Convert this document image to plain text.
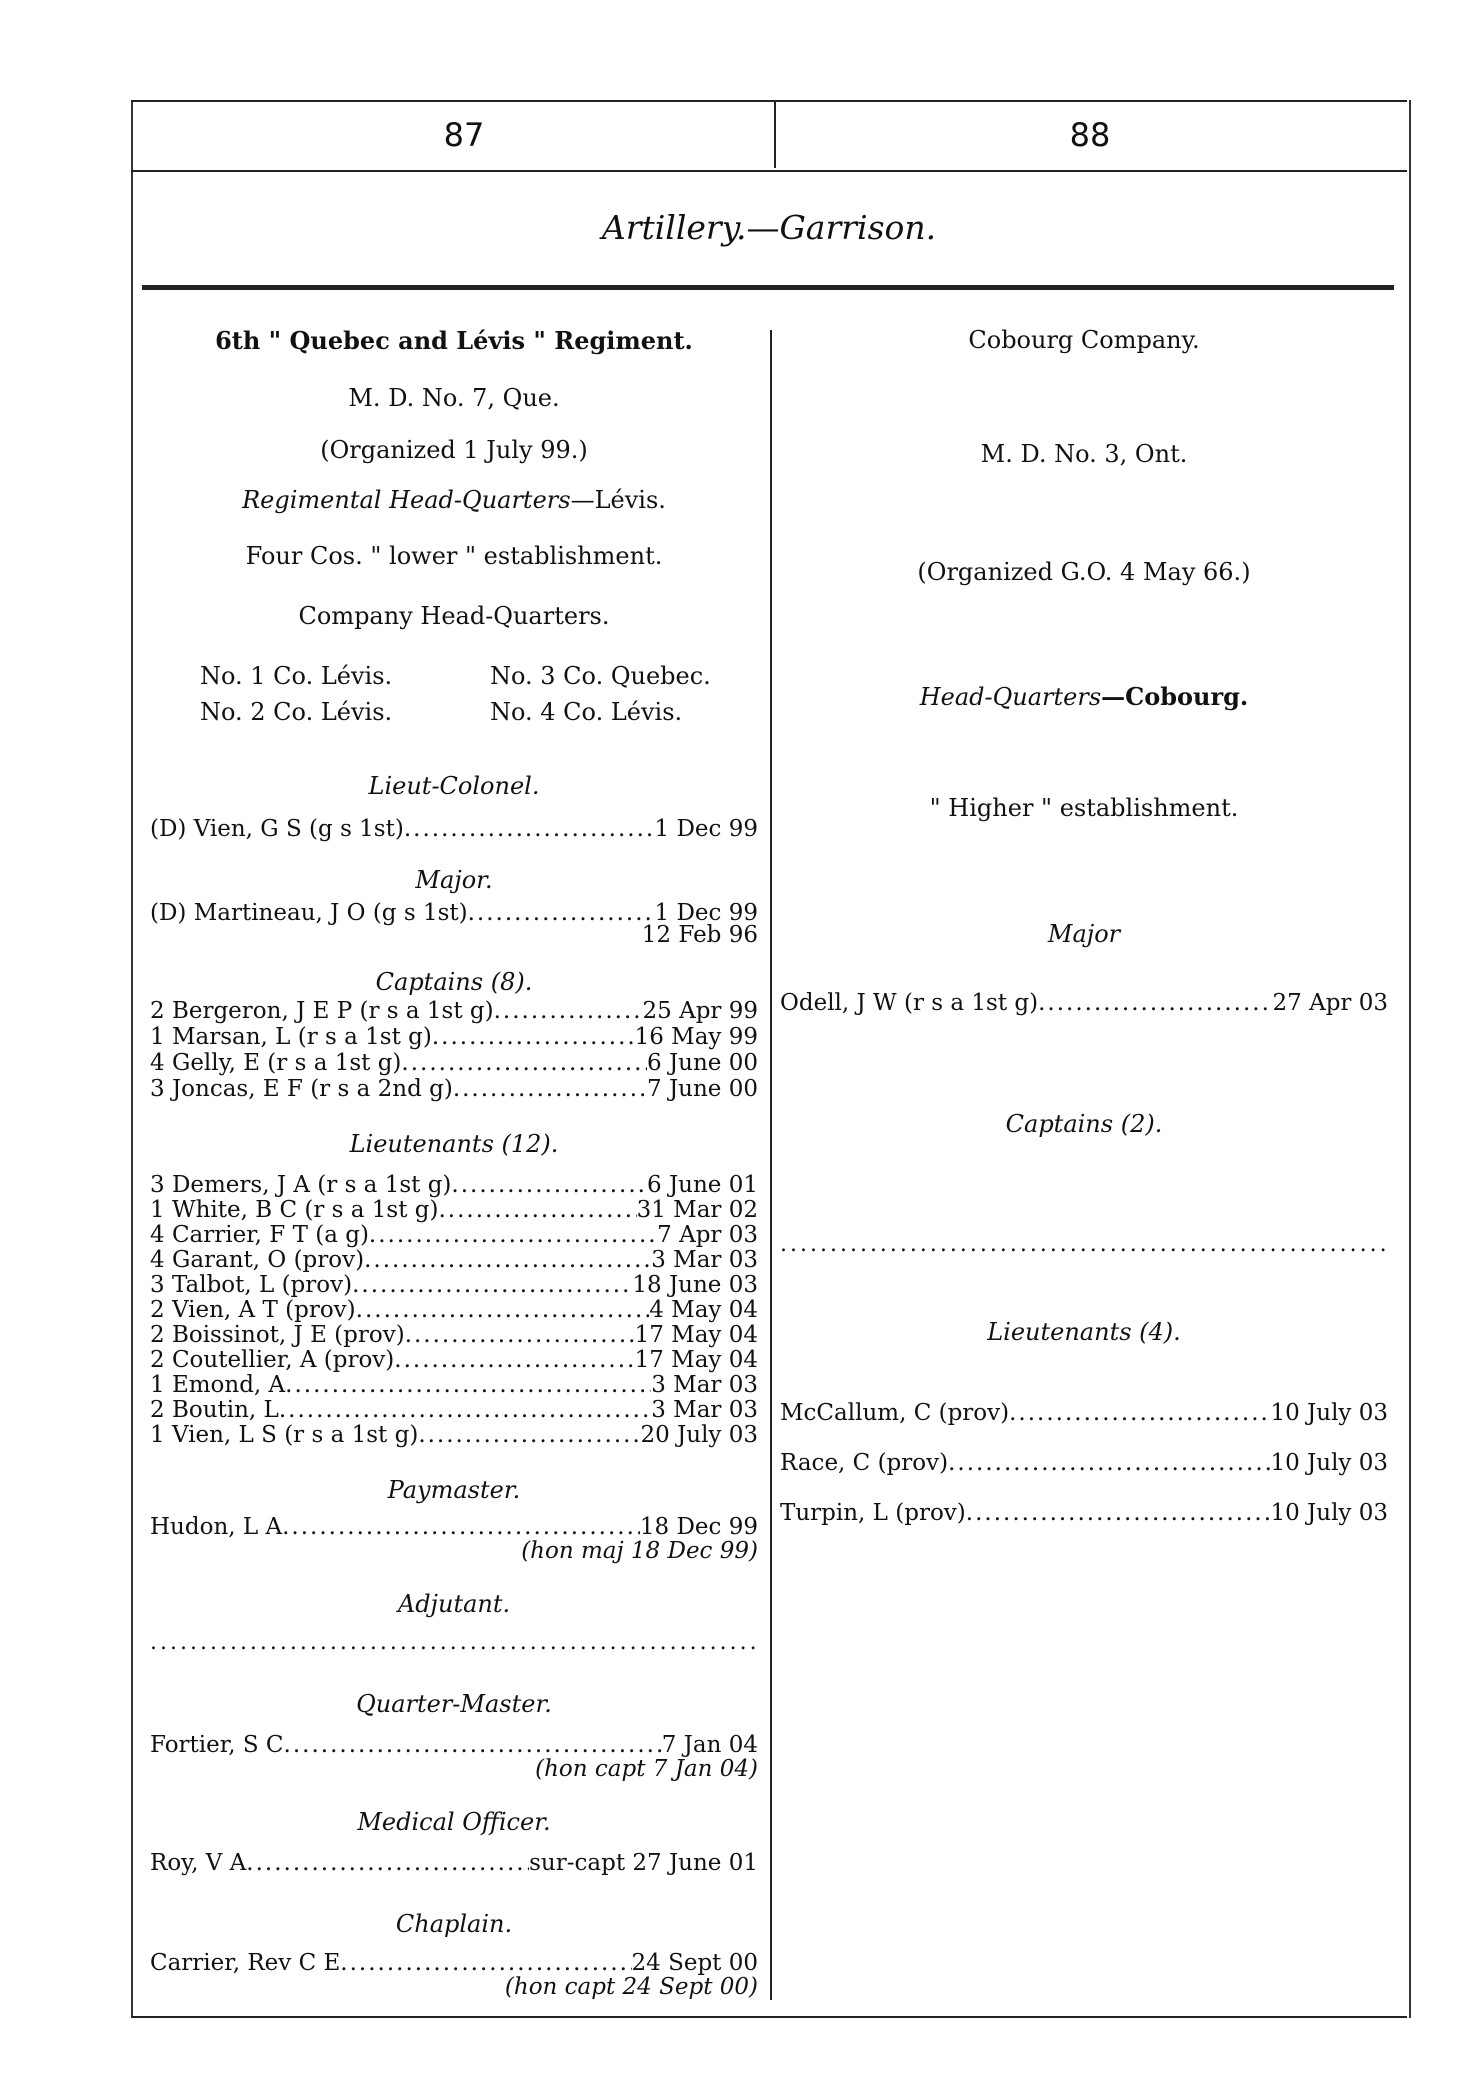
87	88
Artillery.—Garrison.

6th " Quebec and Lévis " Regiment.

M. D. No. 7, Que.

(Organized 1 July 99.)

Regimental Head-Quarters—Lévis.

Four Cos. " lower " establishment.

Company Head-Quarters.

No. 1 Co. Lévis.	No. 3 Co. Quebec.
No. 2 Co. Lévis.	No. 4 Co. Lévis.

Lieut-Colonel.

(D) Vien, G S (g s 1st) .....	1 Dec 99

Major.

(D) Martineau, J O (g s 1st) .....	1 Dec 99
12 Feb 96

Captains (8).

2 Bergeron, J E P (r s a 1st g) .....	25 Apr 99
1 Marsan, L (r s a 1st g) .....	16 May 99
4 Gelly, E (r s a 1st g) .....	6 June 00
3 Joncas, E F (r s a 2nd g) .....	7 June 00

Lieutenants (12).

3 Demers, J A (r s a 1st g) .....	6 June 01
1 White, B C (r s a 1st g) .....	31 Mar 02
4 Carrier, F T (a g) .....	7 Apr 03
4 Garant, O (prov) .....	3 Mar 03
3 Talbot, L (prov) .....	18 June 03
2 Vien, A T (prov) .....	4 May 04
2 Boissinot, J E (prov) .....	17 May 04
2 Coutellier, A (prov) .....	17 May 04
1 Emond, A .....	3 Mar 03
2 Boutin, L .....	3 Mar 03
1 Vien, L S (r s a 1st g) .....	20 July 03

Paymaster.

Hudon, L A .....	18 Dec 99
(hon maj 18 Dec 99)

Adjutant.

.....

Quarter-Master.

Fortier, S C .....	7 Jan 04
(hon capt 7 Jan 04)

Medical Officer.

Roy, V A .....	sur-capt 27 June 01

Chaplain.

Carrier, Rev C E .....	24 Sept 00
(hon capt 24 Sept 00)

Cobourg Company.

M. D. No. 3, Ont.

(Organized G.O. 4 May 66.)

Head-Quarters—Cobourg.

" Higher " establishment.

Major

Odell, J W (r s a 1st g) .....	27 Apr 03

Captains (2).

.....

Lieutenants (4).

McCallum, C (prov) .....	10 July 03
Race, C (prov) .....	10 July 03
Turpin, L (prov) .....	10 July 03
